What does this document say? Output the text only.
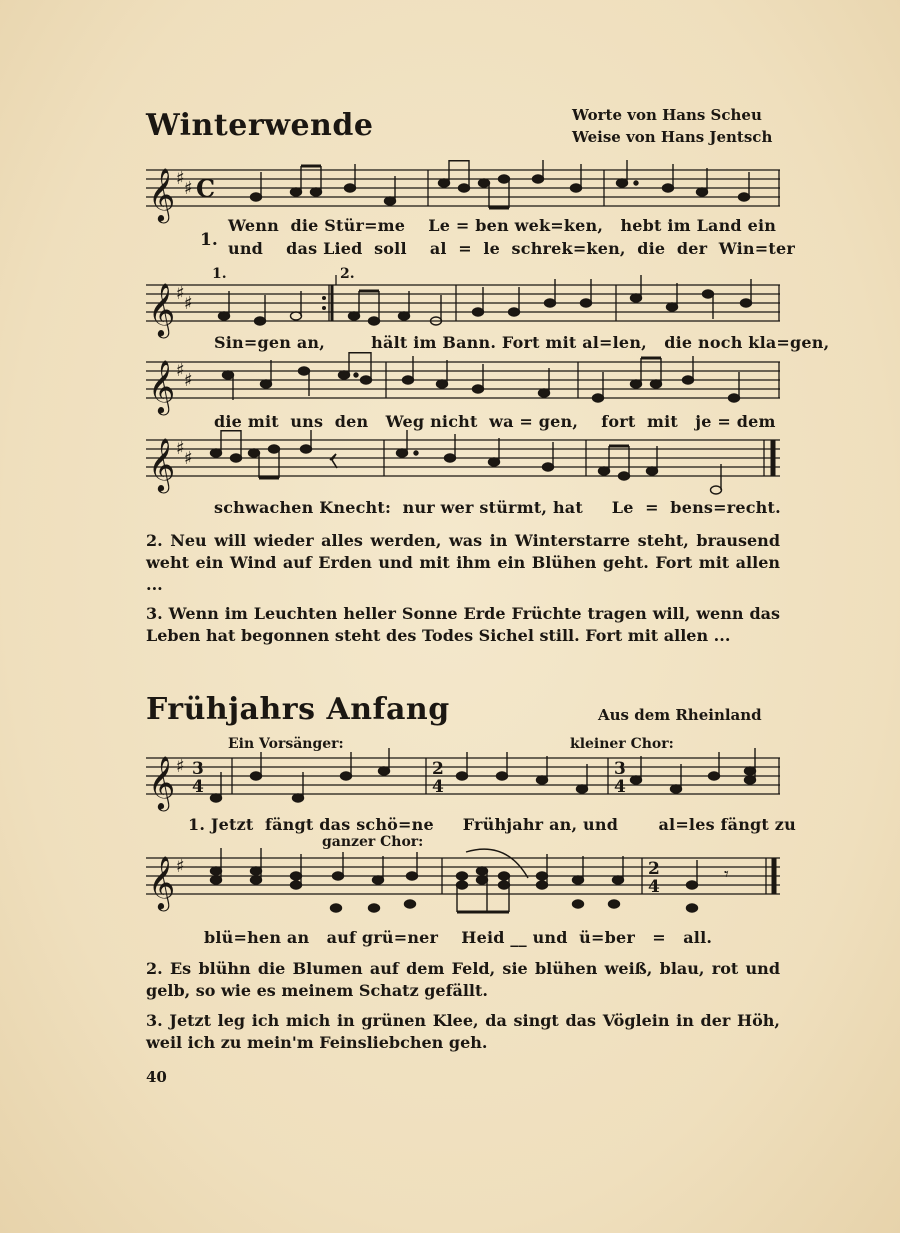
Winterwende	Worte von Hans Scheu
Weise von Hans Jentsch
𝄞 ♯ ♯ C
1.
Wenn  die Stür=me    Le = ben wek=ken,   hebt im Land ein
und    das Lied  soll    al  =  le  schrek=ken,  die  der  Win=ter
1.	2.
𝄞 ♯ ♯
Sin=gen an,        hält im Bann. Fort mit al=len,   die noch kla=gen,
𝄞 ♯ ♯
die mit  uns  den   Weg nicht  wa = gen,    fort  mit   je = dem
𝄞 ♯ ♯
schwachen Knecht:  nur wer stürmt, hat     Le  =  bens=recht.
2. Neu will wieder alles werden, was in Winterstarre steht, brausend weht ein Wind auf Erden und mit ihm ein Blühen geht. Fort mit allen ...
3. Wenn im Leuchten heller Sonne Erde Früchte tragen will, wenn das Leben hat begonnen steht des Todes Sichel still. Fort mit allen ...
Frühjahrs Anfang	Aus dem Rheinland
Ein Vorsänger:	kleiner Chor:
𝄞 ♯ 3
4
2
4
3
4
1. Jetzt  fängt das schö=ne     Frühjahr an, und       al=les fängt zu
ganzer Chor:
𝄞 ♯	2
4
𝄾
blü=hen an   auf grü=ner    Heid __ und  ü=ber   =   all.
2. Es blühn die Blumen auf dem Feld, sie blühen weiß, blau, rot und gelb, so wie es meinem Schatz gefällt.
3. Jetzt leg ich mich in grünen Klee, da singt das Vöglein in der Höh, weil ich zu mein'm Feinsliebchen geh.
40
